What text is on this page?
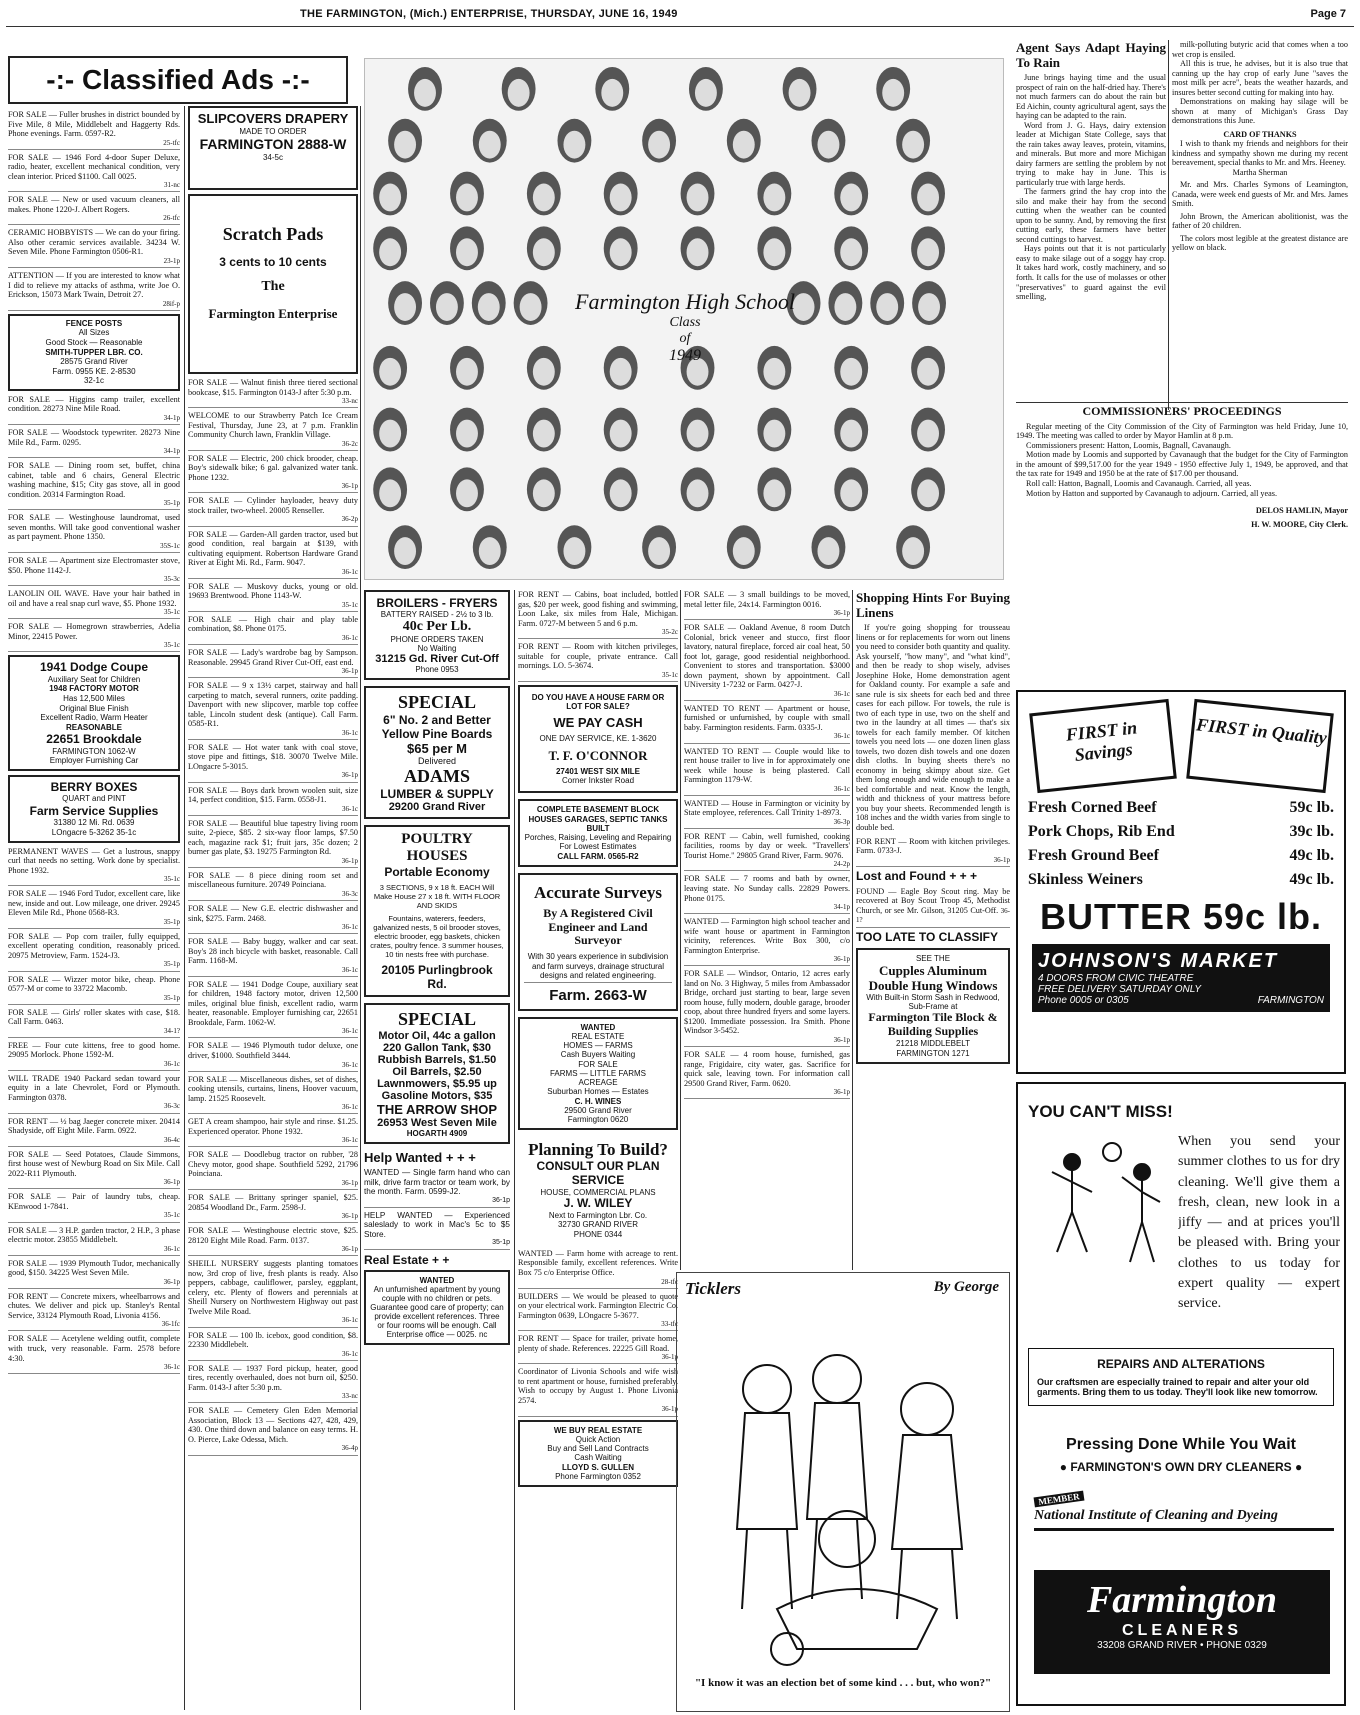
THE FARMINGTON, (Mich.) ENTERPRISE, THURSDAY, JUNE 16, 1949	Page 7
-:- Classified Ads -:-

FOR SALE — Fuller brushes in district bounded by Five Mile, 8 Mile, Middlebelt and Haggerty Rds. Phone evenings. Farm. 0597-R2.
25-tfc

FOR SALE — 1946 Ford 4-door Super Deluxe, radio, heater, excellent mechanical condition, very clean interior. Priced $1100. Call 0025.
31-nc

FOR SALE — New or used vacuum cleaners, all makes. Phone 1220-J. Albert Rogers.
26-tfc

CERAMIC HOBBYISTS — We can do your firing. Also other ceramic services available. 34234 W. Seven Mile. Phone Farmington 0506-R1.
23-1p

ATTENTION — If you are interested to know what I did to relieve my attacks of asthma, write Joe O. Erickson, 15073 Mark Twain, Detroit 27.
28if-p

FENCE POSTS
All Sizes
Good Stock — Reasonable

SMITH-TUPPER LBR. CO.
28575 Grand River
Farm. 0955 KE. 2-8530
32-1c

FOR SALE — Higgins camp trailer, excellent condition. 28273 Nine Mile Road.
34-1p

FOR SALE — Woodstock typewriter. 28273 Nine Mile Rd., Farm. 0295.
34-1p

FOR SALE — Dining room set, buffet, china cabinet, table and 6 chairs, General Electric washing machine, $15; City gas stove, all in good condition. 20314 Farmington Road.
35-1p

FOR SALE — Westinghouse laundromat, used seven months. Will take good conventional washer as part payment. Phone 1350.
35S-1c

FOR SALE — Apartment size Electromaster stove, $50. Phone 1142-J.
35-3c

LANOLIN OIL WAVE. Have your hair bathed in oil and have a real snap curl wave, $5. Phone 1932.
35-1c

FOR SALE — Homegrown strawberries, Adelia Minor, 22415 Power.
35-1c

1941 Dodge Coupe
Auxiliary Seat for Children

1948 FACTORY MOTOR
Has 12,500 Miles
Original Blue Finish
Excellent Radio, Warm Heater

REASONABLE
22651 Brookdale
FARMINGTON 1062-W
Employer Furnishing Car
BERRY BOXES
QUART and PINT

Farm Service Supplies
31380 12 Mi. Rd. 0639
LOngacre 5-3262 35-1c

PERMANENT WAVES — Get a lustrous, snappy curl that needs no setting. Work done by specialist. Phone 1932.
35-1c

FOR SALE — 1946 Ford Tudor, excellent care, like new, inside and out. Low mileage, one driver. 29245 Eleven Mile Rd., Phone 0568-R3.
35-1p

FOR SALE — Pop corn trailer, fully equipped, excellent operating condition, reasonably priced. 20975 Metroview, Farm. 1524-J3.
35-1p

FOR SALE — Wizzer motor bike, cheap. Phone 0577-M or come to 33722 Macomb.
35-1p

FOR SALE — Girls' roller skates with case, $18. Call Farm. 0463.
34-1?

FREE — Four cute kittens, free to good home. 29095 Morlock. Phone 1592-M.
36-1c

WILL TRADE 1940 Packard sedan toward your equity in a late Chevrolet, Ford or Plymouth. Farmington 0378.
36-3c

FOR RENT — ½ bag Jaeger concrete mixer. 20414 Shadyside, off Eight Mile. Farm. 0922.
36-4c

FOR SALE — Seed Potatoes, Claude Simmons, first house west of Newburg Road on Six Mile. Call 2022-R11 Plymouth.
36-1p

FOR SALE — Pair of laundry tubs, cheap. KEnwood 1-7841.
35-1c

FOR SALE — 3 H.P. garden tractor, 2 H.P., 3 phase electric motor. 23855 Middlebelt.
36-1c

FOR SALE — 1939 Plymouth Tudor, mechanically good, $150. 34225 West Seven Mile.
36-1p

FOR RENT — Concrete mixers, wheelbarrows and chutes. We deliver and pick up. Stanley's Rental Service, 33124 Plymouth Road, Livonia 4156.
36-1fc

FOR SALE — Acetylene welding outfit, complete with truck, very reasonable. Farm. 2578 before 4:30.
36-1c

SLIPCOVERS DRAPERY
MADE TO ORDER

FARMINGTON 2888-W
34-5c
Scratch Pads

3 cents to 10 cents

The

Farmington Enterprise

FOR SALE — Walnut finish three tiered sectional bookcase, $15. Farmington 0143-J after 5:30 p.m.
33-nc

WELCOME to our Strawberry Patch Ice Cream Festival, Thursday, June 23, at 7 p.m. Franklin Community Church lawn, Franklin Village.
36-2c

FOR SALE — Electric, 200 chick brooder, cheap. Boy's sidewalk bike; 6 gal. galvanized water tank. Phone 1232.
36-1p

FOR SALE — Cylinder hayloader, heavy duty stock trailer, two-wheel. 20005 Renseller.
36-2p

FOR SALE — Garden-All garden tractor, used but good condition, real bargain at $139, with cultivating equipment. Robertson Hardware Grand River at Eight Mi. Rd., Farm. 9047.
36-1c

FOR SALE — Muskovy ducks, young or old. 19693 Brentwood. Phone 1143-W.
35-1c

FOR SALE — High chair and play table combination, $8. Phone 0175.
36-1c

FOR SALE — Lady's wardrobe bag by Sampson. Reasonable. 29945 Grand River Cut-Off, east end.
36-1p

FOR SALE — 9 x 13½ carpet, stairway and hall carpeting to match, several runners, ozite padding. Davenport with new slipcover, marble top coffee table, Lincoln student desk (antique). Call Farm. 0585-R1.
36-1c

FOR SALE — Hot water tank with coal stove, stove pipe and fittings, $18. 30070 Twelve Mile. LOngacre 5-3015.
36-1p

FOR SALE — Boys dark brown woolen suit, size 14, perfect condition, $15. Farm. 0558-J1.
36-1c

FOR SALE — Beautiful blue tapestry living room suite, 2-piece, $85. 2 six-way floor lamps, $7.50 each, magazine rack $1; fruit jars, 35c dozen; 2 burner gas plate, $3. 19275 Farmington Rd.
36-1p

FOR SALE — 8 piece dining room set and miscellaneous furniture. 20749 Poinciana.
36-3c

FOR SALE — New G.E. electric dishwasher and sink, $275. Farm. 2468.
36-1c

FOR SALE — Baby buggy, walker and car seat. Boy's 28 inch bicycle with basket, reasonable. Call Farm. 1168-M.
36-1c

FOR SALE — 1941 Dodge Coupe, auxiliary seat for children, 1948 factory motor, driven 12,500 miles, original blue finish, excellent radio, warm heater, reasonable. Employer furnishing car, 22651 Brookdale, Farm. 1062-W.
36-1c

FOR SALE — 1946 Plymouth tudor deluxe, one driver, $1000. Southfield 3444.
36-1c

FOR SALE — Miscellaneous dishes, set of dishes, cooking utensils, curtains, linens, Hoover vacuum, lamp. 21525 Roosevelt.
36-1c

GET A cream shampoo, hair style and rinse. $1.25. Experienced operator. Phone 1932.
36-1c

FOR SALE — Doodlebug tractor on rubber, '28 Chevy motor, good shape. Southfield 5292, 21796 Poinciana.
36-1p

FOR SALE — Brittany springer spaniel, $25. 20854 Woodland Dr., Farm. 2598-J.
36-1p

FOR SALE — Westinghouse electric stove, $25. 28120 Eight Mile Road. Farm. 0137.
36-1p

SHEILL NURSERY suggests planting tomatoes now, 3rd crop of live, fresh plants is ready. Also peppers, cabbage, cauliflower, parsley, eggplant, celery, etc. Plenty of flowers and perennials at Sheill Nursery on Northwestern Highway out past Twelve Mile Road.
36-1c

FOR SALE — 100 lb. icebox, good condition, $8. 22330 Middlebelt.
36-1c

FOR SALE — 1937 Ford pickup, heater, good tires, recently overhauled, does not burn oil, $250. Farm. 0143-J after 5:30 p.m.
33-nc

FOR SALE — Cemetery Glen Eden Memorial Association, Block 13 — Sections 427, 428, 429, 430. One third down and balance on easy terms. H. O. Pierce, Lake Odessa, Mich.
36-4p

Farmington High School
Class
of
1949
BROILERS - FRYERS
BATTERY RAISED - 2½ to 3 lb.

40c Per Lb.
PHONE ORDERS TAKEN
No Waiting

31215 Gd. River Cut-Off
Phone 0953
SPECIAL
6" No. 2 and Better Yellow Pine Boards
$65 per M
Delivered
ADAMS
LUMBER & SUPPLY
29200 Grand River
POULTRY HOUSES
Portable Economy

3 SECTIONS, 9 x 18 ft. EACH Will Make House 27 x 18 ft. WITH FLOOR AND SKIDS

Fountains, waterers, feeders, galvanized nests, 5 oil brooder stoves, electric brooder, egg baskets, chicken crates, poultry fence. 3 summer houses, 10 tin nests free with purchase.

20105 Purlingbrook Rd.
SPECIAL
Motor Oil, 44c a gallon
220 Gallon Tank, $30
Rubbish Barrels, $1.50
Oil Barrels, $2.50
Lawnmowers, $5.95 up
Gasoline Motors, $35
THE ARROW SHOP
26953 West Seven Mile
HOGARTH 4909
Help Wanted + + +

WANTED — Single farm hand who can milk, drive farm tractor or team work, by the month. Farm. 0599-J2.
36-1p

HELP WANTED — Experienced saleslady to work in Mac's 5c to $5 Store.
35-1p

Real Estate + +
WANTED
An unfurnished apartment by young couple with no children or pets. Guarantee good care of property; can provide excellent references. Three or four rooms will be enough. Call Enterprise office — 0025. nc

FOR RENT — Cabins, boat included, bottled gas, $20 per week, good fishing and swimming, Loon Lake, six miles from Hale, Michigan. Farm. 0727-M between 5 and 6 p.m.
35-2c

FOR RENT — Room with kitchen privileges, suitable for couple, private entrance. Call mornings. LO. 5-3674.
35-1c

DO YOU HAVE A HOUSE FARM OR LOT FOR SALE?
WE PAY CASH
ONE DAY SERVICE, KE. 1-3620
T. F. O'CONNOR
27401 WEST SIX MILE
Corner Inkster Road
COMPLETE BASEMENT BLOCK HOUSES GARAGES, SEPTIC TANKS BUILT
Porches, Raising, Leveling and Repairing
For Lowest Estimates
CALL FARM. 0565-R2
Accurate Surveys
By A Registered Civil Engineer and Land Surveyor

With 30 years experience in subdivision and farm surveys, drainage structural designs and related engineering.

Farm. 2663-W
WANTED
REAL ESTATE
HOMES — FARMS
Cash Buyers Waiting
FOR SALE
FARMS — LITTLE FARMS
ACREAGE
Suburban Homes — Estates
C. H. WINES
29500 Grand River
Farmington 0620
Planning To Build?
CONSULT OUR PLAN SERVICE
HOUSE, COMMERCIAL PLANS
J. W. WILEY
Next to Farmington Lbr. Co.
32730 GRAND RIVER
PHONE 0344

WANTED — Farm home with acreage to rent. Responsible family, excellent references. Write Box 75 c/o Enterprise Office.
28-tfc

BUILDERS — We would be pleased to quote on your electrical work. Farmington Electric Co. Farmington 0639, LOngacre 5-3677.
33-tfc

FOR RENT — Space for trailer, private home, plenty of shade. References. 22225 Gill Road.
36-1p

Coordinator of Livonia Schools and wife wish to rent apartment or house, furnished preferably. Wish to occupy by August 1. Phone Livonia 2574.
36-1p

WE BUY REAL ESTATE
Quick Action
Buy and Sell Land Contracts
Cash Waiting
LLOYD S. GULLEN
Phone Farmington 0352

FOR SALE — 3 small buildings to be moved, metal letter file, 24x14. Farmington 0016.
36-1p

FOR SALE — Oakland Avenue, 8 room Dutch Colonial, brick veneer and stucco, first floor lavatory, natural fireplace, forced air coal heat, 50 foot lot, garage, good residential neighborhood. Convenient to stores and transportation. $3000 down payment, shown by appointment. Call UNiversity 1-7232 or Farm. 0427-J.
36-1c

WANTED TO RENT — Apartment or house, furnished or unfurnished, by couple with small baby. Farmington residents. Farm. 0335-J.
36-1c

WANTED TO RENT — Couple would like to rent house trailer to live in for approximately one week while house is being plastered. Call Farmington 1179-W.
36-1c

WANTED — House in Farmington or vicinity by State employee, references. Call Trinity 1-8973.
36-3p

FOR RENT — Cabin, well furnished, cooking facilities, rooms by day or week. "Travellers' Tourist Home." 29805 Grand River, Farm. 9076.
24-2p

FOR SALE — 7 rooms and bath by owner, leaving state. No Sunday calls. 22829 Powers. Phone 0175.
34-1p

WANTED — Farmington high school teacher and wife want house or apartment in Farmington vicinity, references. Write Box 300, c/o Farmington Enterprise.
36-1p

FOR SALE — Windsor, Ontario, 12 acres early land on No. 3 Highway, 5 miles from Ambassador Bridge, orchard just starting to bear, large seven room house, fully modern, double garage, brooder coop, about three hundred fryers and some layers. $1200. Immediate possession. Ira Smith. Phone Windsor 3-5452.
36-1p

FOR SALE — 4 room house, furnished, gas range, Frigidaire, city water, gas. Sacrifice for quick sale, leaving town. For information call 29500 Grand River, Farm. 0620.
36-1p

Shopping Hints For Buying Linens
If you're going shopping for trousseau linens or for replacements for worn out linens you need to consider both quantity and quality. Ask yourself, "how many", and "what kind", and then be ready to shop wisely, advises Josephine Hoke, Home demonstration agent for Oakland county. For example a safe and sane rule is six sheets for each bed and three cases for each pillow. For towels, the rule is two of each type in use, two on the shelf and two in the laundry at all times — that's six towels for each family member. Of kitchen towels you need lots — one dozen linen glass towels, two dozen dish towels and one dozen dish cloths. In buying sheets there's no economy in being skimpy about size. Get them long enough and wide enough to make a bed comfortable and neat. Know the length, width and thickness of your mattress before you buy your sheets. Recommended length is 108 inches and the width varies from single to double bed.

FOR RENT — Room with kitchen privileges. Farm. 0733-J.
36-1p

Lost and Found + + +

FOUND — Eagle Boy Scout ring. May be recovered at Boy Scout Troop 45, Methodist Church, or see Mr. Gilson, 31205 Cut-Off. 36-1?

TOO LATE TO CLASSIFY
SEE THE
Cupples Aluminum Double Hung Windows
With Built-in Storm Sash in Redwood, Sub-Frame at
Farmington Tile Block & Building Supplies
21218 MIDDLEBELT
FARMINGTON 1271
Ticklers	By George
"I know it was an election bet of some kind . . . but, who won?"
Agent Says Adapt Haying To Rain
June brings haying time and the usual prospect of rain on the half-dried hay. There's not much farmers can do about the rain but Ed Aichin, county agricultural agent, says the haying can be adapted to the rain.
Word from J. G. Hays, dairy extension leader at Michigan State College, says that the rain takes away leaves, protein, vitamins, and minerals. But more and more Michigan dairy farmers are settling the problem by not trying to make hay in June. This is particularly true with large herds.
The farmers grind the hay crop into the silo and make their hay from the second cutting when the weather can be counted upon to be sunny. And, by removing the first cutting early, these farmers have better second cuttings to harvest.
Hays points out that it is not particularly easy to make silage out of a soggy hay crop. It takes hard work, costly machinery, and so forth. It calls for the use of molasses or other "preservatives" to guard against the evil smelling,
milk-polluting butyric acid that comes when a too wet crop is ensiled.
All this is true, he advises, but it is also true that canning up the hay crop of early June "saves the most milk per acre", beats the weather hazards, and insures better second cutting for making into hay.
Demonstrations on making hay silage will be shown at many of Michigan's Grass Day demonstrations this June.
CARD OF THANKS
I wish to thank my friends and neighbors for their kindness and sympathy shown me during my recent bereavement, special thanks to Mr. and Mrs. Heeney.
Martha Sherman
Mr. and Mrs. Charles Symons of Leamington, Canada, were week end guests of Mr. and Mrs. James Smith.
John Brown, the American abolitionist, was the father of 20 children.
The colors most legible at the greatest distance are yellow on black.
COMMISSIONERS' PROCEEDINGS
Regular meeting of the City Commission of the City of Farmington was held Friday, June 10, 1949. The meeting was called to order by Mayor Hamlin at 8 p.m.
Commissioners present: Hatton, Loomis, Bagnall, Cavanaugh.
Motion made by Loomis and supported by Cavanaugh that the budget for the City of Farmington in the amount of $99,517.00 for the year 1949 - 1950 effective July 1, 1949, be approved, and that the tax rate for 1949 and 1950 be at the rate of $17.00 per thousand.
Roll call: Hatton, Bagnall, Loomis and Cavanaugh. Carried, all yeas.
Motion by Hatton and supported by Cavanaugh to adjourn. Carried, all yeas.
DELOS HAMLIN, Mayor
H. W. MOORE, City Clerk.
FIRST in Savings
FIRST in Quality
Fresh Corned Beef	59c lb.
Pork Chops, Rib End	39c lb.
Fresh Ground Beef	49c lb.
Skinless Weiners	49c lb.
BUTTER 59c lb.
JOHNSON'S MARKET
4 DOORS FROM CIVIC THEATRE
FREE DELIVERY SATURDAY ONLY
Phone 0005 or 0305	FARMINGTON
YOU CAN'T MISS!
When you send your summer clothes to us for dry cleaning. We'll give them a fresh, clean, new look in a jiffy — and at prices you'll be pleased with. Bring your clothes to us today for expert quality — expert service.
REPAIRS AND ALTERATIONS
Our craftsmen are especially trained to repair and alter your old garments. Bring them to us today. They'll look like new tomorrow.
Pressing Done While You Wait
● FARMINGTON'S OWN DRY CLEANERS ●
MEMBER
National Institute of Cleaning and Dyeing
Farmington
CLEANERS
33208 GRAND RIVER • PHONE 0329
